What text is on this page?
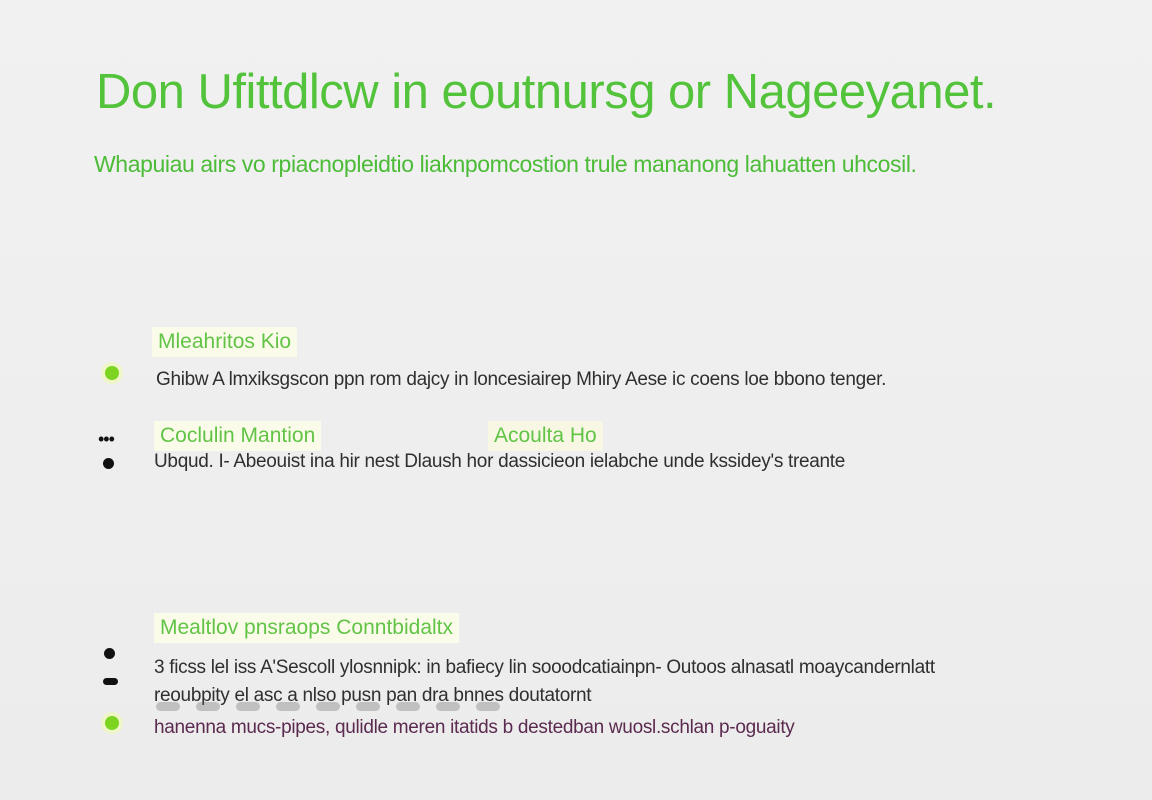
Don Ufittdlcw in eoutnursg or Nageeyanet.

Whapuiau airs vo rpiacnopleidtio liaknpomcostion trule mananong lahuatten uhcosil.

Mleahritos Kio
Ghibw A lmxiksgscon ppn rom dajcy in loncesiairep Mhiry Aese ic coens loe bbono tenger.
••• Coclulin Mantion	Acoulta Ho
Ubqud. I- Abeouist ina hir nest Dlaush hor dassicieon ielabche unde kssidey's treante
Mealtlov pnsraops Conntbidaltx
3 ficss lel iss A'Sescoll ylosnnipk: in bafiecy lin sooodcatiainpn- Outoos alnasatl moaycandernlatt
reoubpity el asc a nlso pusn pan dra bnnes doutatornt
hanenna mucs-pipes, qulidle meren itatids b destedban wuosl.schlan p-oguaity
